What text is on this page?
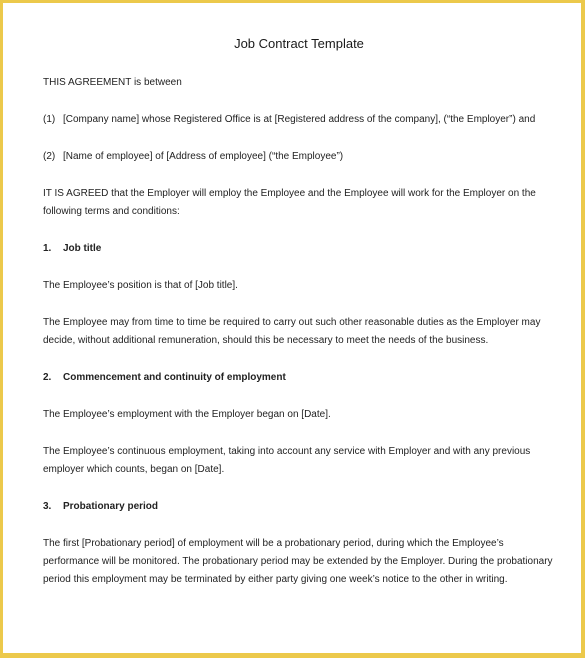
Job Contract Template

THIS AGREEMENT is between

(1) [Company name] whose Registered Office is at [Registered address of the company], (“the Employer”) and
(2) [Name of employee] of [Address of employee] (“the Employee”)

IT IS AGREED that the Employer will employ the Employee and the Employee will work for the Employer on the following terms and conditions:

1.	Job title

The Employee’s position is that of [Job title].

The Employee may from time to time be required to carry out such other reasonable duties as the Employer may decide, without additional remuneration, should this be necessary to meet the needs of the business.

2.	Commencement and continuity of employment

The Employee’s employment with the Employer began on [Date].

The Employee’s continuous employment, taking into account any service with Employer and with any previous employer which counts, began on [Date].

3.	Probationary period

The first [Probationary period] of employment will be a probationary period, during which the Employee’s performance will be monitored. The probationary period may be extended by the Employer. During the probationary period this employment may be terminated by either party giving one week’s notice to the other in writing.
